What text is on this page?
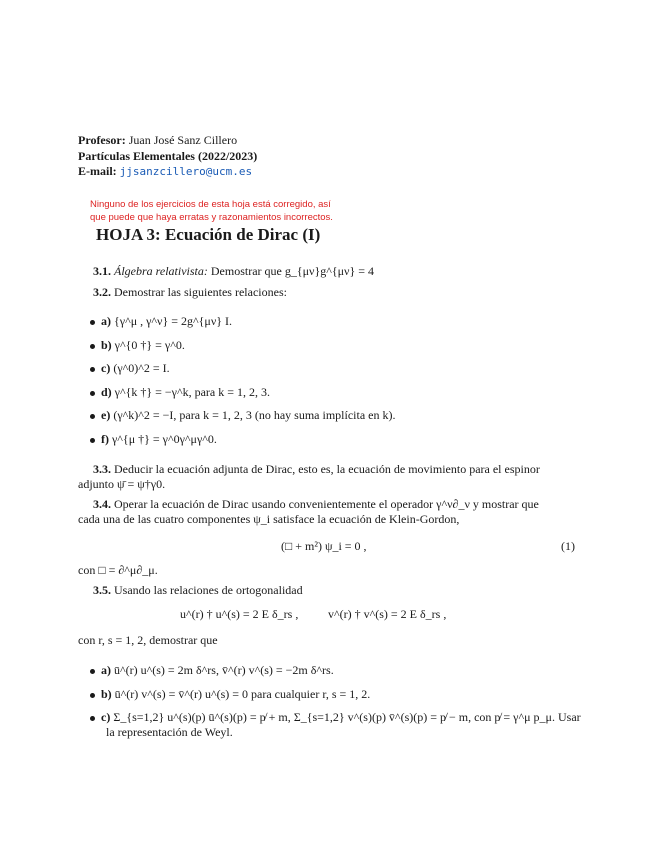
Profesor: Juan José Sanz Cillero
Partículas Elementales (2022/2023)
E-mail: jjsanzcillero@ucm.es
Ninguno de los ejercicios de esta hoja está corregido, así
que puede que haya erratas y razonamientos incorrectos.
HOJA 3: Ecuación de Dirac (I)
3.1. Álgebra relativista: Demostrar que g_{μν}g^{μν} = 4
3.2. Demostrar las siguientes relaciones:
a) {γ^μ , γ^ν} = 2g^{μν} I.
b) γ^{0 †} = γ^0.
c) (γ^0)^2 = I.
d) γ^{k †} = −γ^k, para k = 1, 2, 3.
e) (γ^k)^2 = −I, para k = 1, 2, 3 (no hay suma implícita en k).
f) γ^{μ †} = γ^0γ^μγ^0.
3.3. Deducir la ecuación adjunta de Dirac, esto es, la ecuación de movimiento para el espinor
adjunto ψ̄ = ψ†γ0.
3.4. Operar la ecuación de Dirac usando convenientemente el operador γ^ν∂_ν y mostrar que
cada una de las cuatro componentes ψ_i satisface la ecuación de Klein-Gordon,
(□ + m²) ψ_i = 0 ,	(1)
con □ = ∂^μ∂_μ.
3.5. Usando las relaciones de ortogonalidad
u^(r) † u^(s) = 2 E δ_rs , v^(r) † v^(s) = 2 E δ_rs ,
con r, s = 1, 2, demostrar que
a) ū^(r) u^(s) = 2m δ^rs, v̄^(r) v^(s) = −2m δ^rs.
b) ū^(r) v^(s) = v̄^(r) u^(s) = 0 para cualquier r, s = 1, 2.
c) Σ_{s=1,2} u^(s)(p) ū^(s)(p) = p̸ + m, Σ_{s=1,2} v^(s)(p) v̄^(s)(p) = p̸ − m, con p̸ = γ^μ p_μ. Usar
la representación de Weyl.
